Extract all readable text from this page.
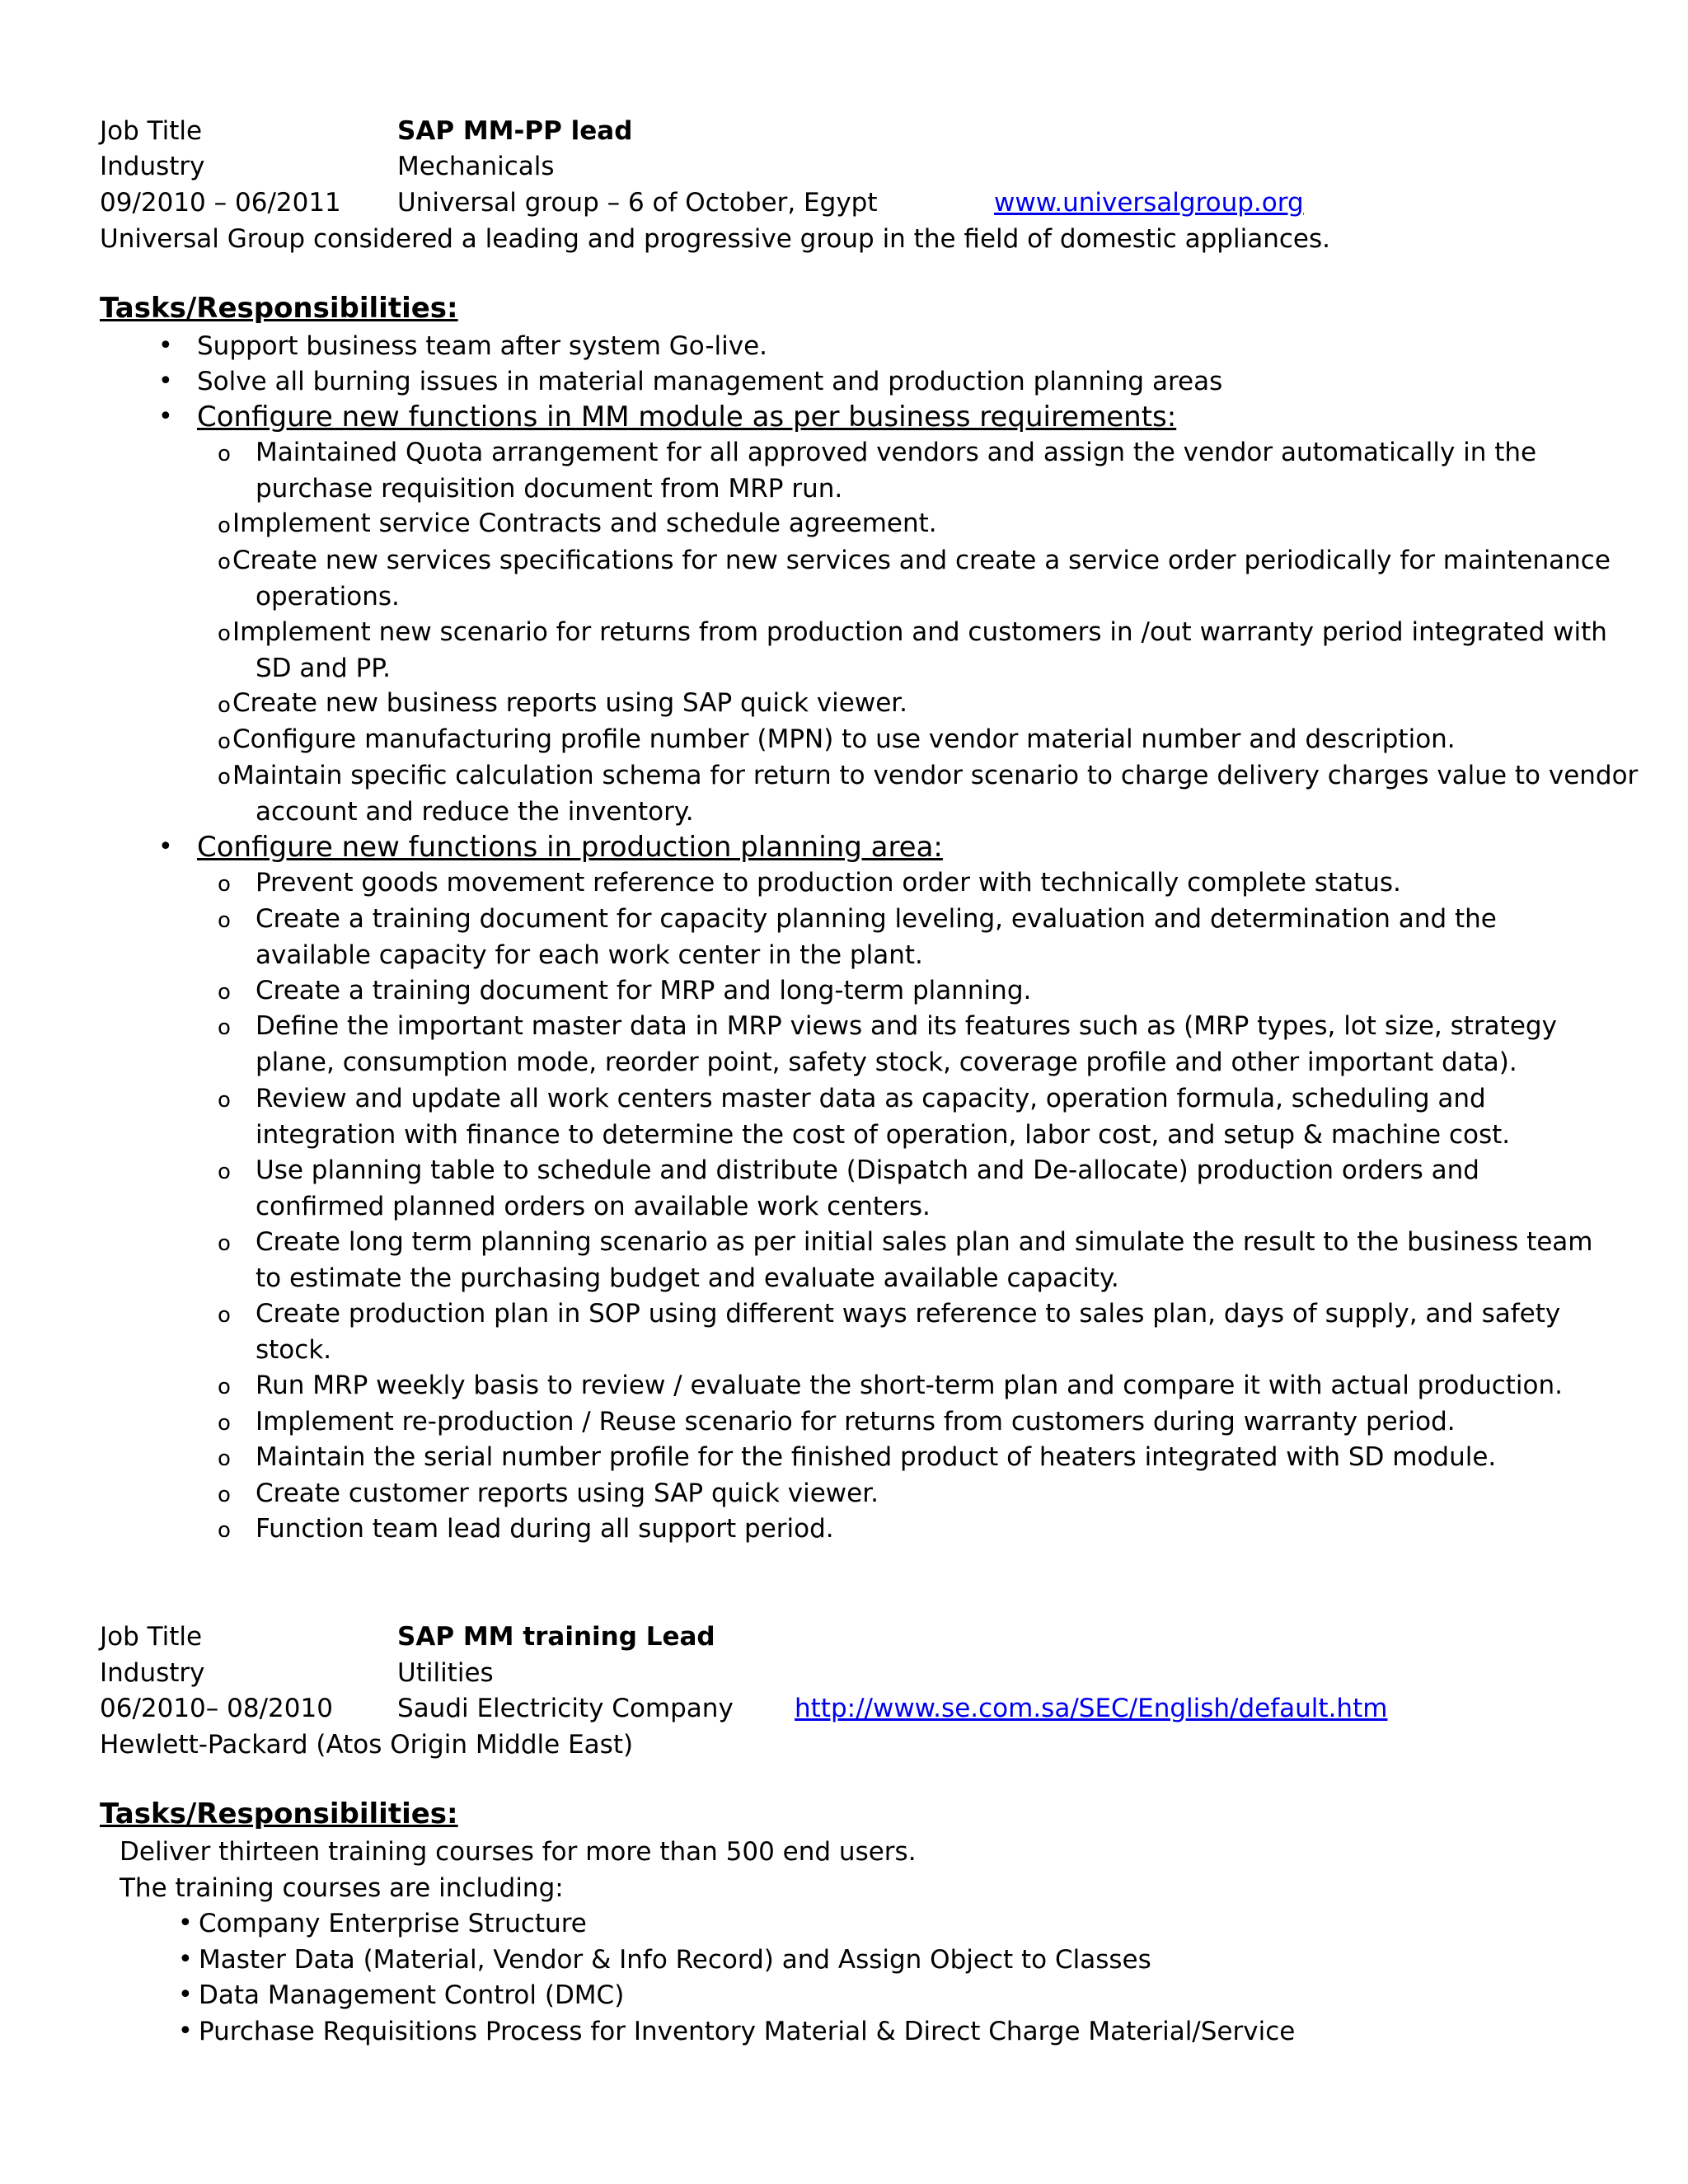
Job Title	SAP MM-PP lead
Industry	Mechanicals
09/2010 – 06/2011 Universal group – 6 of October, Egypt	www.universalgroup.org
Universal Group considered a leading and progressive group in the field of domestic appliances.
Tasks/Responsibilities:
• Support business team after system Go-live.
• Solve all burning issues in material management and production planning areas
• Configure new functions in MM module as per business requirements:
o Maintained Quota arrangement for all approved vendors and assign the vendor automatically in the purchase requisition document from MRP run.
o Implement service Contracts and schedule agreement.
o Create new services specifications for new services and create a service order periodically for maintenance operations.
o Implement new scenario for returns from production and customers in /out warranty period integrated with SD and PP.
o Create new business reports using SAP quick viewer.
o Configure manufacturing profile number (MPN) to use vendor material number and description.
o Maintain specific calculation schema for return to vendor scenario to charge delivery charges value to vendor account and reduce the inventory.
• Configure new functions in production planning area:
o Prevent goods movement reference to production order with technically complete status.
o Create a training document for capacity planning leveling, evaluation and determination and the available capacity for each work center in the plant.
o Create a training document for MRP and long-term planning.
o Define the important master data in MRP views and its features such as (MRP types, lot size, strategy plane, consumption mode, reorder point, safety stock, coverage profile and other important data).
o Review and update all work centers master data as capacity, operation formula, scheduling and integration with finance to determine the cost of operation, labor cost, and setup & machine cost.
o Use planning table to schedule and distribute (Dispatch and De-allocate) production orders and confirmed planned orders on available work centers.
o Create long term planning scenario as per initial sales plan and simulate the result to the business team to estimate the purchasing budget and evaluate available capacity.
o Create production plan in SOP using different ways reference to sales plan, days of supply, and safety stock.
o Run MRP weekly basis to review / evaluate the short-term plan and compare it with actual production.
o Implement re-production / Reuse scenario for returns from customers during warranty period.
o Maintain the serial number profile for the finished product of heaters integrated with SD module.
o Create customer reports using SAP quick viewer.
o Function team lead during all support period.
Job Title	SAP MM training Lead
Industry	Utilities
06/2010– 08/2010	Saudi Electricity Company http://www.se.com.sa/SEC/English/default.htm
Hewlett-Packard (Atos Origin Middle East)
Tasks/Responsibilities:
Deliver thirteen training courses for more than 500 end users.
The training courses are including:
• Company Enterprise Structure
• Master Data (Material, Vendor & Info Record) and Assign Object to Classes
• Data Management Control (DMC)
• Purchase Requisitions Process for Inventory Material & Direct Charge Material/Service
